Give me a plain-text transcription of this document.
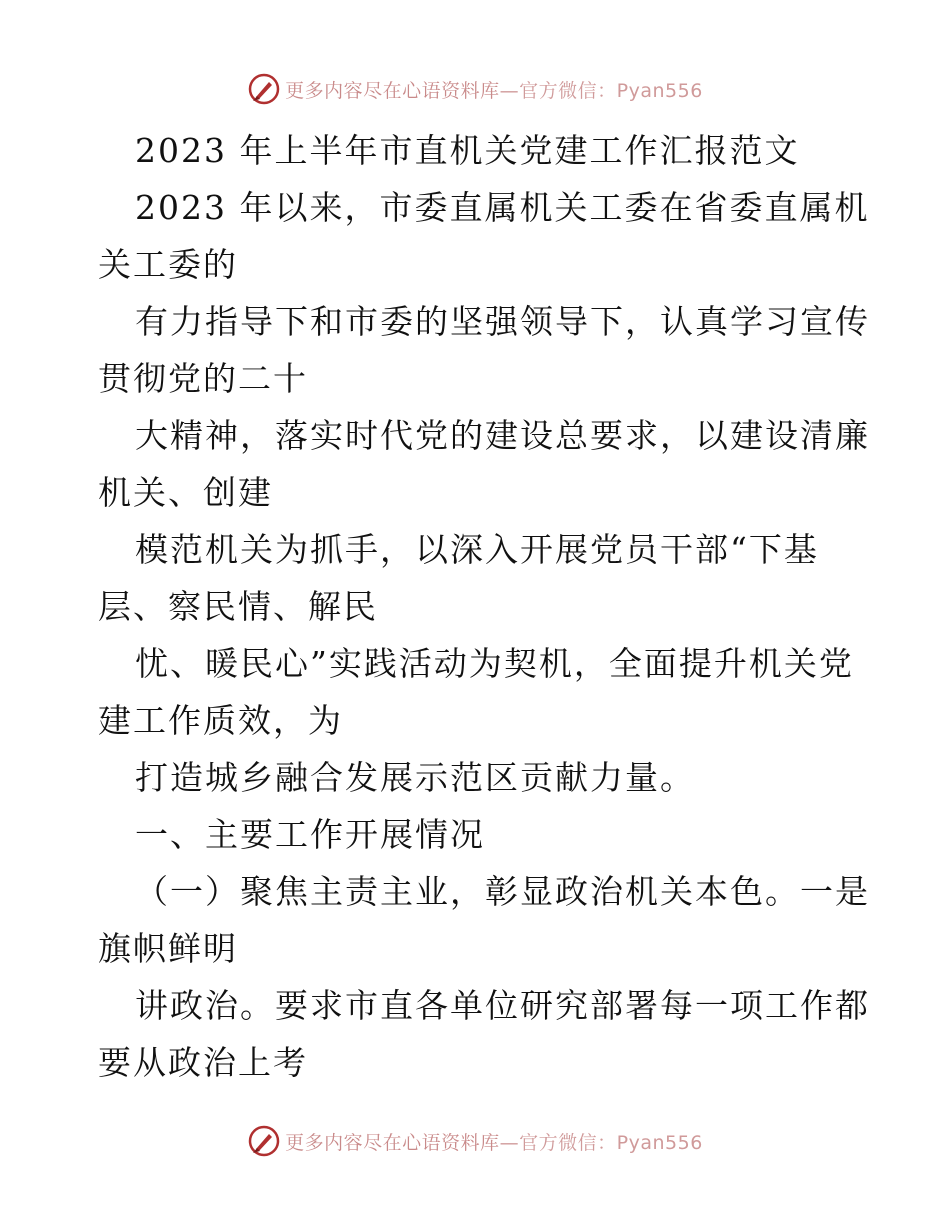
更多内容尽在心语资料库 —官方微信：Pyan556
2023 年上半年市直机关党建工作汇报范文
2023 年以来，市委直属机关工委在省委直属机
关工委的
有力指导下和市委的坚强领导下，认真学习宣传
贯彻党的二十
大精神，落实时代党的建设总要求，以建设清廉
机关、创建
模范机关为抓手，以深入开展党员干部“下基
层、察民情、解民
忧、暖民心”实践活动为契机，全面提升机关党
建工作质效，为
打造城乡融合发展示范区贡献力量。
一、主要工作开展情况
（一）聚焦主责主业，彰显政治机关本色。一是
旗帜鲜明
讲政治。要求市直各单位研究部署每一项工作都
要从政治上考
更多内容尽在心语资料库 —官方微信：Pyan556
